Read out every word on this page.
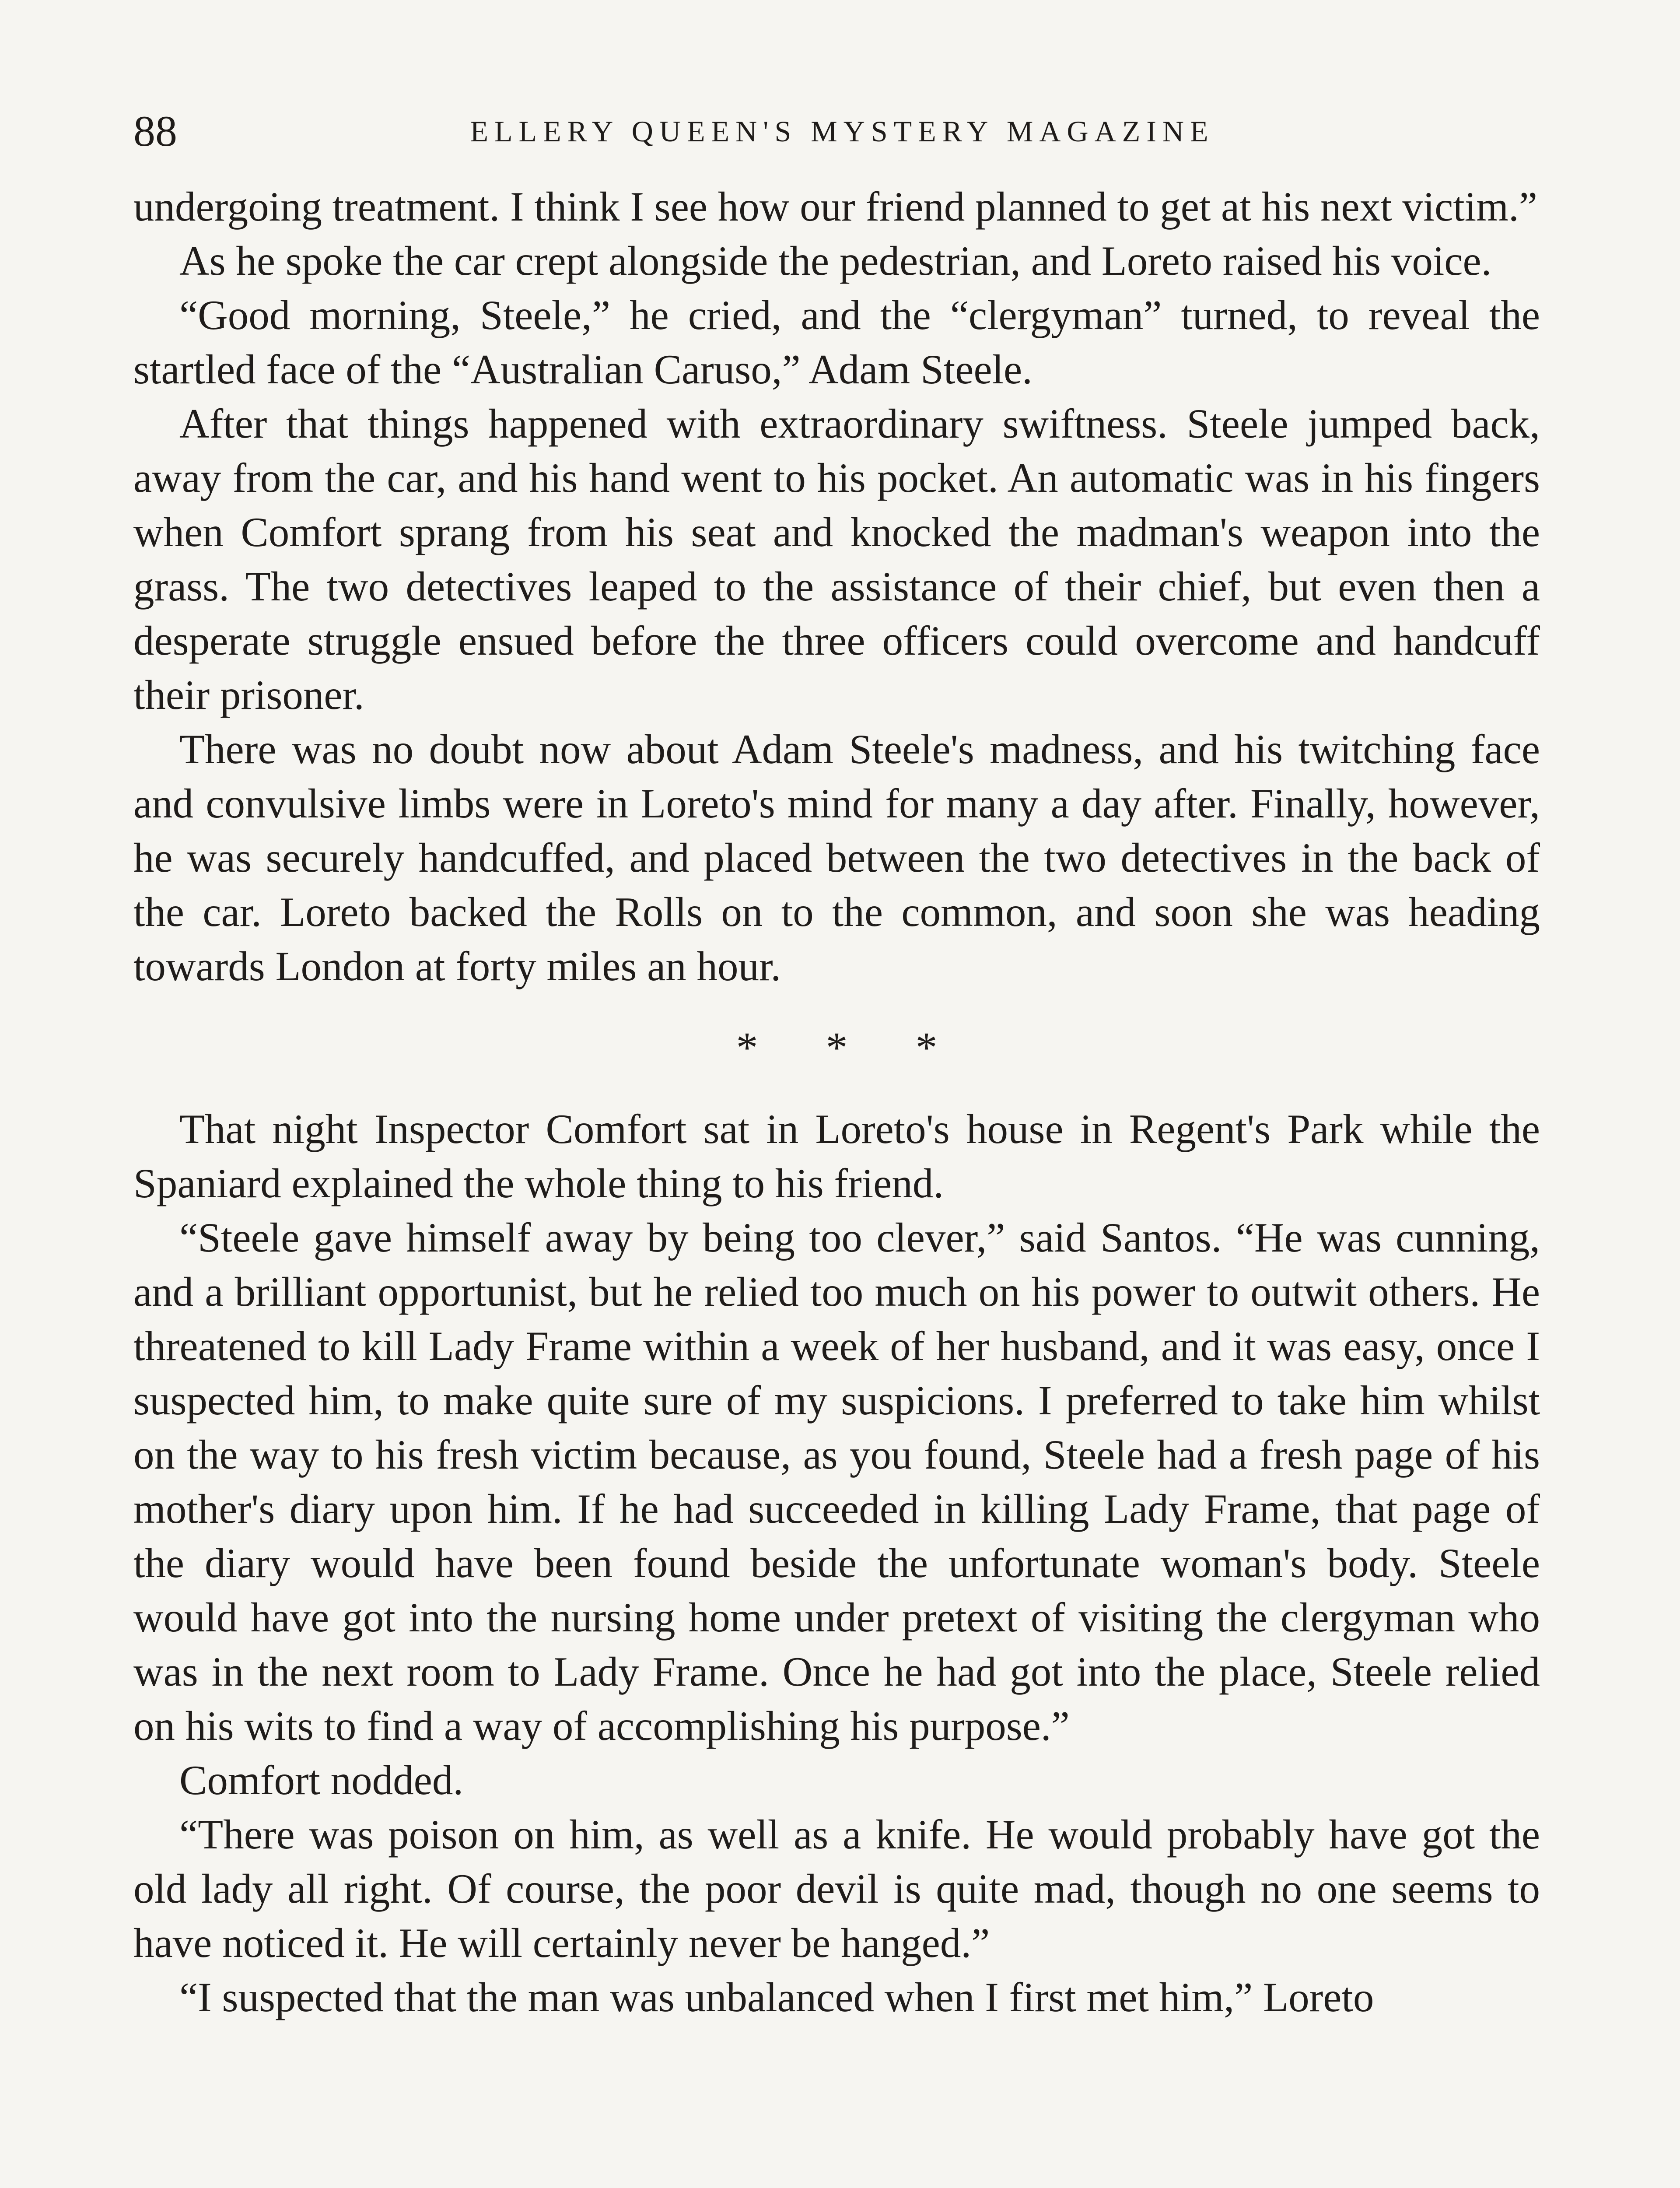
88	ELLERY QUEEN'S MYSTERY MAGAZINE

undergoing treatment. I think I see how our friend planned to get at his next victim.”

As he spoke the car crept alongside the pedestrian, and Loreto raised his voice.

“Good morning, Steele,” he cried, and the “clergyman” turned, to reveal the startled face of the “Australian Caruso,” Adam Steele.

After that things happened with extraordinary swiftness. Steele jumped back, away from the car, and his hand went to his pocket. An automatic was in his fingers when Comfort sprang from his seat and knocked the madman's weapon into the grass. The two detectives leaped to the assistance of their chief, but even then a desperate struggle ensued before the three officers could overcome and handcuff their prisoner.

There was no doubt now about Adam Steele's madness, and his twitching face and convulsive limbs were in Loreto's mind for many a day after. Finally, however, he was securely handcuffed, and placed between the two detectives in the back of the car. Loreto backed the Rolls on to the common, and soon she was heading towards London at forty miles an hour.

* * *

That night Inspector Comfort sat in Loreto's house in Regent's Park while the Spaniard explained the whole thing to his friend.

“Steele gave himself away by being too clever,” said Santos. “He was cunning, and a brilliant opportunist, but he relied too much on his power to outwit others. He threatened to kill Lady Frame within a week of her husband, and it was easy, once I suspected him, to make quite sure of my suspicions. I preferred to take him whilst on the way to his fresh victim because, as you found, Steele had a fresh page of his mother's diary upon him. If he had succeeded in killing Lady Frame, that page of the diary would have been found beside the unfortunate woman's body. Steele would have got into the nursing home under pretext of visiting the clergyman who was in the next room to Lady Frame. Once he had got into the place, Steele relied on his wits to find a way of accomplishing his purpose.”

Comfort nodded.

“There was poison on him, as well as a knife. He would probably have got the old lady all right. Of course, the poor devil is quite mad, though no one seems to have noticed it. He will certainly never be hanged.”

“I suspected that the man was unbalanced when I first met him,” Loreto
